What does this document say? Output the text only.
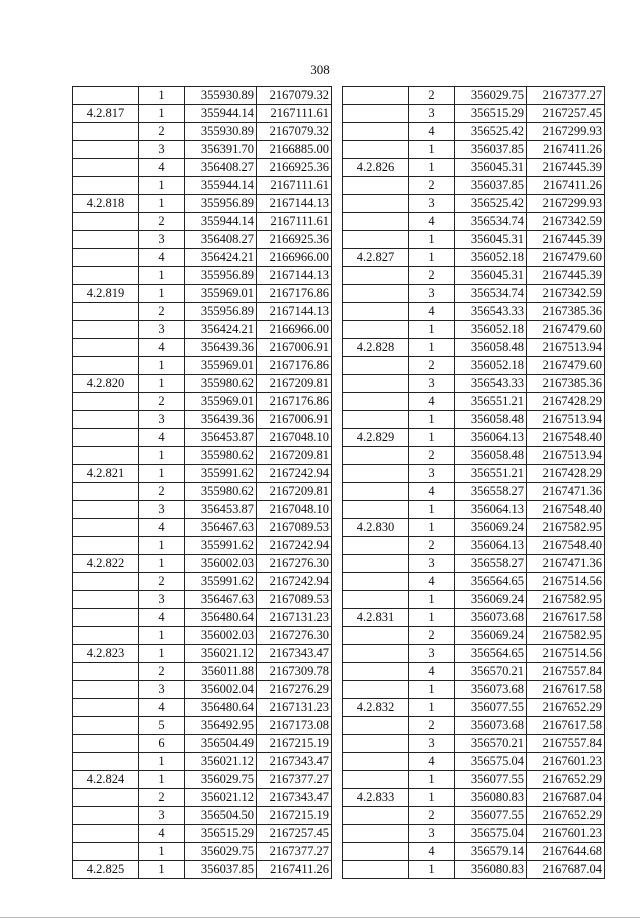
308
	1	355930.89	2167079.32
4.2.817	1	355944.14	2167111.61
	2	355930.89	2167079.32
	3	356391.70	2166885.00
	4	356408.27	2166925.36
	1	355944.14	2167111.61
4.2.818	1	355956.89	2167144.13
	2	355944.14	2167111.61
	3	356408.27	2166925.36
	4	356424.21	2166966.00
	1	355956.89	2167144.13
4.2.819	1	355969.01	2167176.86
	2	355956.89	2167144.13
	3	356424.21	2166966.00
	4	356439.36	2167006.91
	1	355969.01	2167176.86
4.2.820	1	355980.62	2167209.81
	2	355969.01	2167176.86
	3	356439.36	2167006.91
	4	356453.87	2167048.10
	1	355980.62	2167209.81
4.2.821	1	355991.62	2167242.94
	2	355980.62	2167209.81
	3	356453.87	2167048.10
	4	356467.63	2167089.53
	1	355991.62	2167242.94
4.2.822	1	356002.03	2167276.30
	2	355991.62	2167242.94
	3	356467.63	2167089.53
	4	356480.64	2167131.23
	1	356002.03	2167276.30
4.2.823	1	356021.12	2167343.47
	2	356011.88	2167309.78
	3	356002.04	2167276.29
	4	356480.64	2167131.23
	5	356492.95	2167173.08
	6	356504.49	2167215.19
	1	356021.12	2167343.47
4.2.824	1	356029.75	2167377.27
	2	356021.12	2167343.47
	3	356504.50	2167215.19
	4	356515.29	2167257.45
	1	356029.75	2167377.27
4.2.825	1	356037.85	2167411.26
	2	356029.75	2167377.27
	3	356515.29	2167257.45
	4	356525.42	2167299.93
	1	356037.85	2167411.26
4.2.826	1	356045.31	2167445.39
	2	356037.85	2167411.26
	3	356525.42	2167299.93
	4	356534.74	2167342.59
	1	356045.31	2167445.39
4.2.827	1	356052.18	2167479.60
	2	356045.31	2167445.39
	3	356534.74	2167342.59
	4	356543.33	2167385.36
	1	356052.18	2167479.60
4.2.828	1	356058.48	2167513.94
	2	356052.18	2167479.60
	3	356543.33	2167385.36
	4	356551.21	2167428.29
	1	356058.48	2167513.94
4.2.829	1	356064.13	2167548.40
	2	356058.48	2167513.94
	3	356551.21	2167428.29
	4	356558.27	2167471.36
	1	356064.13	2167548.40
4.2.830	1	356069.24	2167582.95
	2	356064.13	2167548.40
	3	356558.27	2167471.36
	4	356564.65	2167514.56
	1	356069.24	2167582.95
4.2.831	1	356073.68	2167617.58
	2	356069.24	2167582.95
	3	356564.65	2167514.56
	4	356570.21	2167557.84
	1	356073.68	2167617.58
4.2.832	1	356077.55	2167652.29
	2	356073.68	2167617.58
	3	356570.21	2167557.84
	4	356575.04	2167601.23
	1	356077.55	2167652.29
4.2.833	1	356080.83	2167687.04
	2	356077.55	2167652.29
	3	356575.04	2167601.23
	4	356579.14	2167644.68
	1	356080.83	2167687.04
